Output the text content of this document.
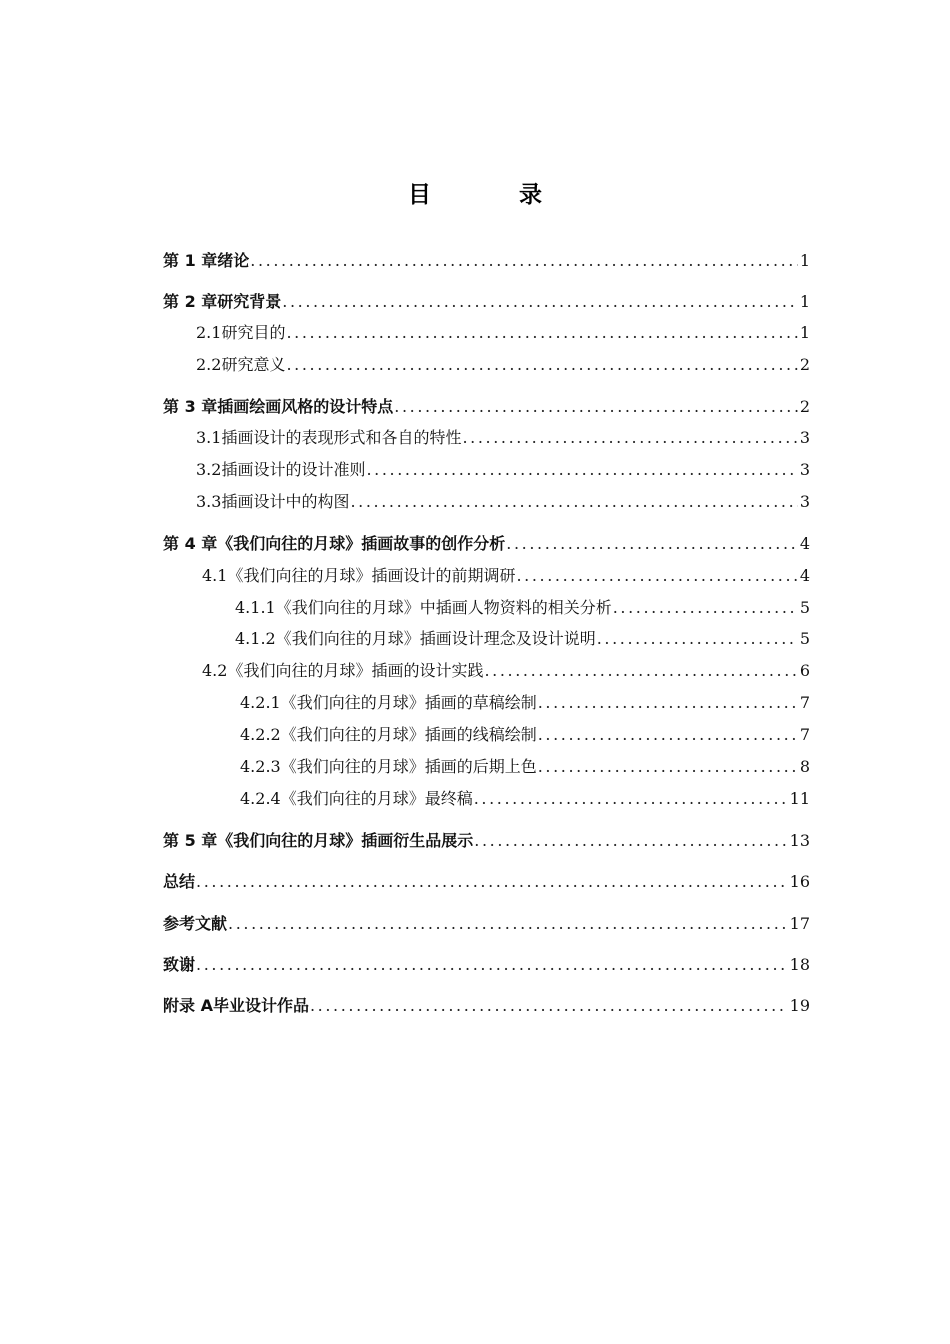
目 录
第 1 章 绪论 .....	1
第 2 章 研究背景 .....	1
2.1 研究目的 .....	1
2.2 研究意义 .....	2
第 3 章 插画绘画风格的设计特点 .....	2
3.1 插画设计的表现形式和各自的特性 .....	3
3.2 插画设计的设计准则 .....	3
3.3 插画设计中的构图 .....	3
第 4 章 《我们向往的月球》插画故事的创作分析 .....	4
4.1 《我们向往的月球》插画设计的前期调研 .....	4
4.1.1 《我们向往的月球》中插画人物资料的相关分析 .....	5
4.1.2 《我们向往的月球》插画设计理念及设计说明 .....	5
4.2 《我们向往的月球》插画的设计实践 .....	6
4.2.1 《我们向往的月球》插画的草稿绘制 .....	7
4.2.2 《我们向往的月球》插画的线稿绘制 .....	7
4.2.3 《我们向往的月球》插画的后期上色 .....	8
4.2.4 《我们向往的月球》最终稿 .....	11
第 5 章 《我们向往的月球》插画衍生品展示 .....	13
总结 .....	16
参考文献 .....	17
致谢 .....	18
附录 A 毕业设计作品 .....	19
